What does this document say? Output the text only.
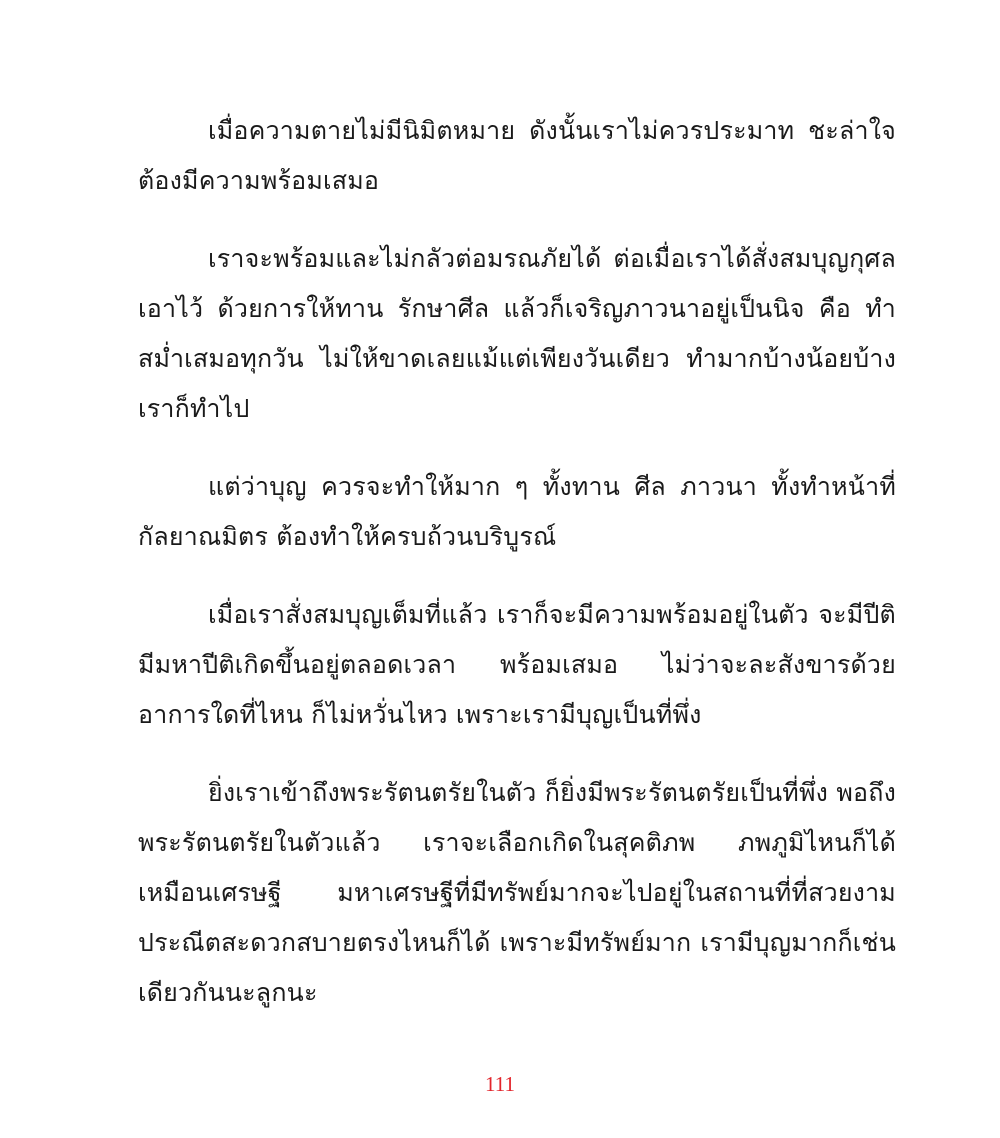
เมื่อความตายไม่มีนิมิตหมาย ดังนั้นเราไม่ควรประมาท ชะล่าใจ ต้องมีความพร้อมเสมอ

เราจะพร้อมและไม่กลัวต่อมรณภัยได้ ต่อเมื่อเราได้สั่งสมบุญกุศลเอาไว้ ด้วยการให้ทาน รักษาศีล แล้วก็เจริญภาวนาอยู่เป็นนิจ คือ ทำสม่ำเสมอทุกวัน ไม่ให้ขาดเลยแม้แต่เพียงวันเดียว ทำมากบ้างน้อยบ้าง เราก็ทำไป

แต่ว่าบุญ ควรจะทำให้มาก ๆ ทั้งทาน ศีล ภาวนา ทั้งทำหน้าที่กัลยาณมิตร ต้องทำให้ครบถ้วนบริบูรณ์

เมื่อเราสั่งสมบุญเต็มที่แล้ว เราก็จะมีความพร้อมอยู่ในตัว จะมีปีติมีมหาปีติเกิดขึ้นอยู่ตลอดเวลา พร้อมเสมอ ไม่ว่าจะละสังขารด้วยอาการใดที่ไหน ก็ไม่หวั่นไหว เพราะเรามีบุญเป็นที่พึ่ง

ยิ่งเราเข้าถึงพระรัตนตรัยในตัว ก็ยิ่งมีพระรัตนตรัยเป็นที่พึ่ง พอถึงพระรัตนตรัยในตัวแล้ว เราจะเลือกเกิดในสุคติภพ ภพภูมิไหนก็ได้ เหมือนเศรษฐี มหาเศรษฐีที่มีทรัพย์มากจะไปอยู่ในสถานที่ที่สวยงามประณีตสะดวกสบายตรงไหนก็ได้ เพราะมีทรัพย์มาก เรามีบุญมากก็เช่นเดียวกันนะลูกนะ

111
